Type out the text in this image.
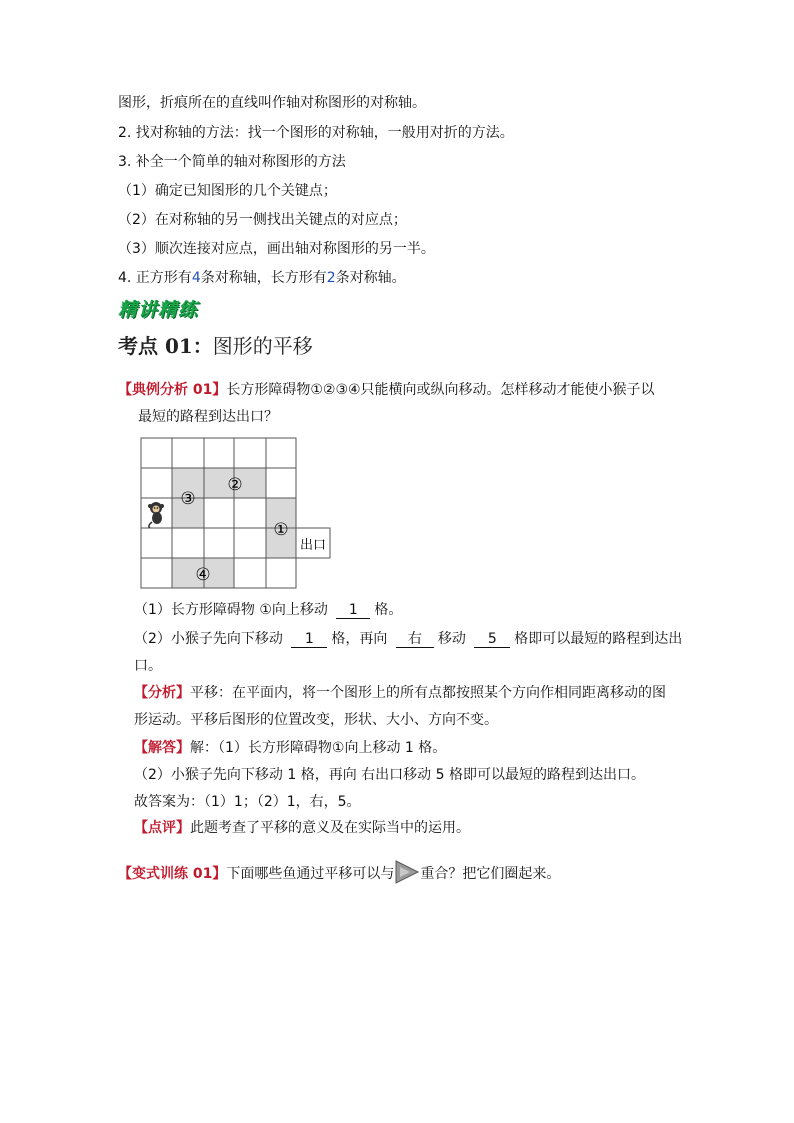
图形，折痕所在的直线叫作轴对称图形的对称轴。
2. 找对称轴的方法：找一个图形的对称轴，一般用对折的方法。
3. 补全一个简单的轴对称图形的方法
（1）确定已知图形的几个关键点；
（2）在对称轴的另一侧找出关键点的对应点；
（3）顺次连接对应点，画出轴对称图形的另一半。
4. 正方形有4条对称轴，长方形有2条对称轴。
精讲精练
考点 01：图形的平移
【典例分析 01】长方形障碍物①②③④只能横向或纵向移动。怎样移动才能使小猴子以
最短的路程到达出口？
③
②
①
④
出口
（1）长方形障碍物 ①向上移动 1 格。
（2）小猴子先向下移动 1 格，再向 右 移动 5 格即可以最短的路程到达出
口。
【分析】平移：在平面内，将一个图形上的所有点都按照某个方向作相同距离移动的图
形运动。平移后图形的位置改变，形状、大小、方向不变。
【解答】解：（1）长方形障碍物①向上移动 1 格。
（2）小猴子先向下移动 1 格，再向 右出口移动 5 格即可以最短的路程到达出口。
故答案为：（1）1；（2）1，右，5。
【点评】此题考查了平移的意义及在实际当中的运用。
【变式训练 01】下面哪些鱼通过平移可以与 重合？把它们圈起来。
